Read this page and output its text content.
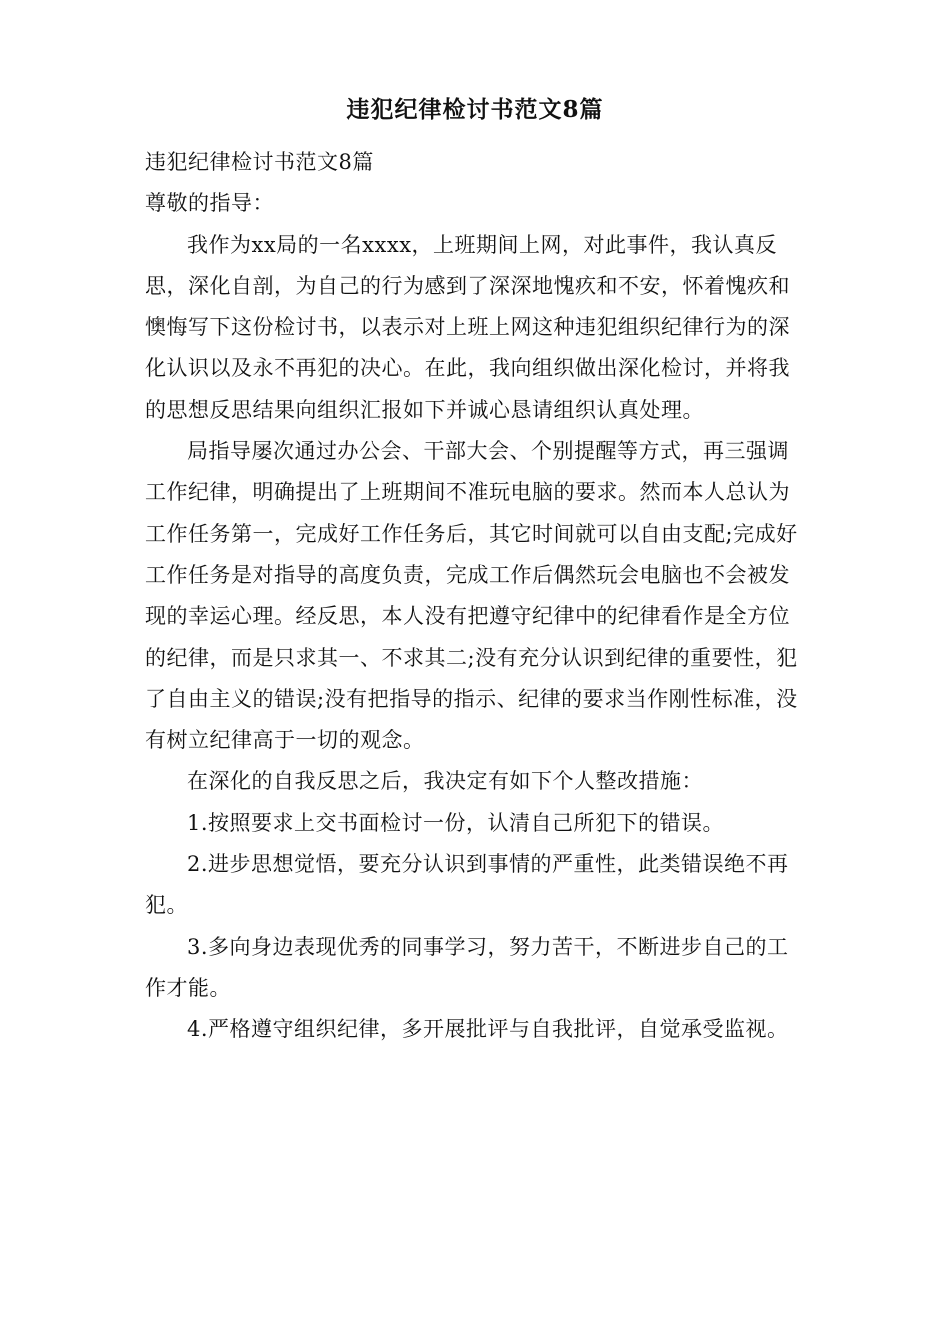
违犯纪律检讨书范文8篇

违犯纪律检讨书范文8篇

尊敬的指导：

我作为xx局的一名xxxx，上班期间上网，对此事件，我认真反思，深化自剖，为自己的行为感到了深深地愧疚和不安，怀着愧疚和懊悔写下这份检讨书，以表示对上班上网这种违犯组织纪律行为的深化认识以及永不再犯的决心。在此，我向组织做出深化检讨，并将我的思想反思结果向组织汇报如下并诚心恳请组织认真处理。

局指导屡次通过办公会、干部大会、个别提醒等方式，再三强调工作纪律，明确提出了上班期间不准玩电脑的要求。然而本人总认为工作任务第一，完成好工作任务后，其它时间就可以自由支配;完成好工作任务是对指导的高度负责，完成工作后偶然玩会电脑也不会被发现的幸运心理。经反思，本人没有把遵守纪律中的纪律看作是全方位的纪律，而是只求其一、不求其二;没有充分认识到纪律的重要性，犯了自由主义的错误;没有把指导的指示、纪律的要求当作刚性标准，没有树立纪律高于一切的观念。

在深化的自我反思之后，我决定有如下个人整改措施：

1.按照要求上交书面检讨一份，认清自己所犯下的错误。

2.进步思想觉悟，要充分认识到事情的严重性，此类错误绝不再犯。

3.多向身边表现优秀的同事学习，努力苦干，不断进步自己的工作才能。

4.严格遵守组织纪律，多开展批评与自我批评，自觉承受监视。
